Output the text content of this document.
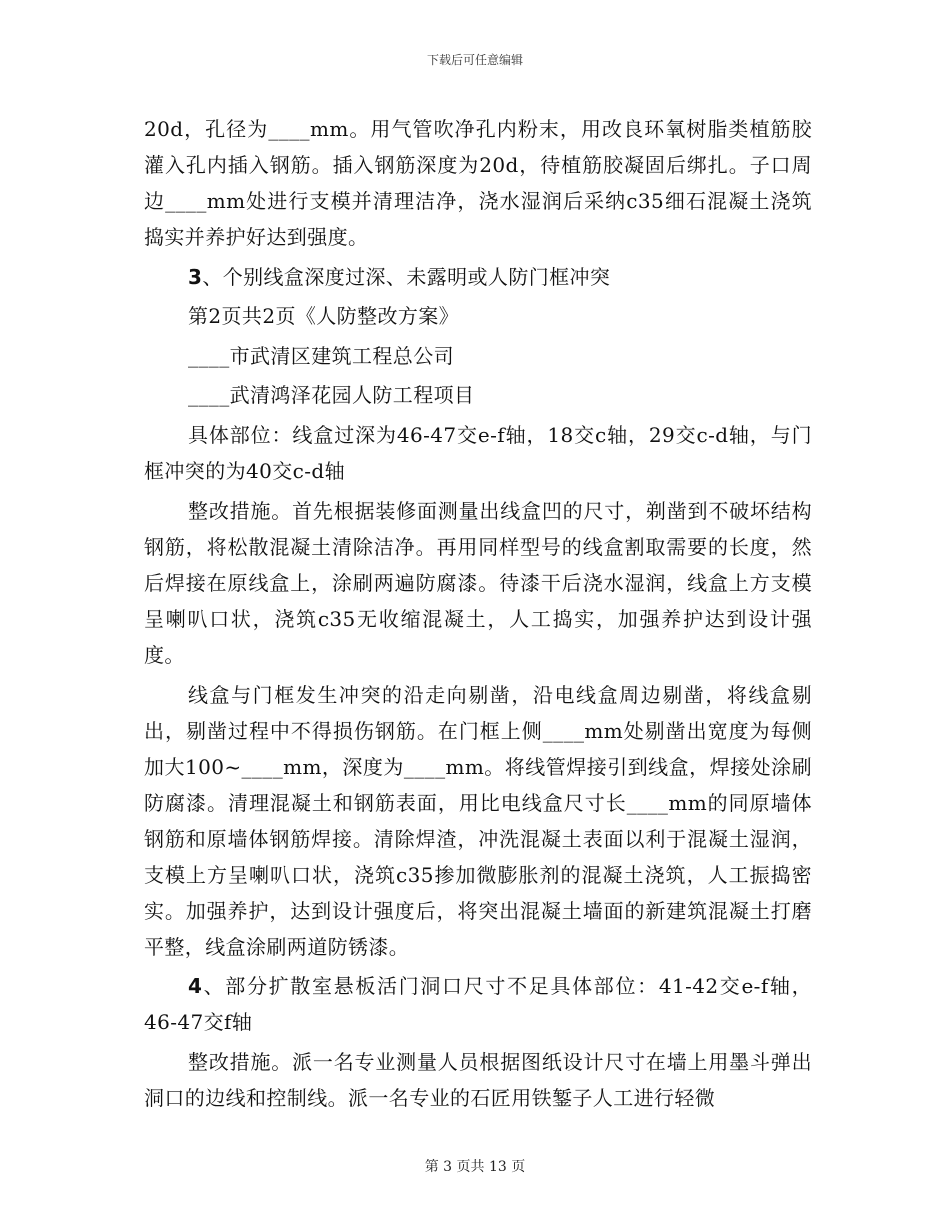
下载后可任意编辑
20d，孔径为____mm。用气管吹净孔内粉末，用改良环氧树脂类植筋胶灌入孔内插入钢筋。插入钢筋深度为20d，待植筋胶凝固后绑扎。子口周边____mm处进行支模并清理洁净，浇水湿润后采纳c35细石混凝土浇筑捣实并养护好达到强度。
3、个别线盒深度过深、未露明或人防门框冲突
第2页共2页《人防整改方案》
____市武清区建筑工程总公司
____武清鸿泽花园人防工程项目
具体部位：线盒过深为46-47交e-f轴，18交c轴，29交c-d轴，与门框冲突的为40交c-d轴
整改措施。首先根据装修面测量出线盒凹的尺寸，剃凿到不破坏结构钢筋，将松散混凝土清除洁净。再用同样型号的线盒割取需要的长度，然后焊接在原线盒上，涂刷两遍防腐漆。待漆干后浇水湿润，线盒上方支模呈喇叭口状，浇筑c35无收缩混凝土，人工捣实，加强养护达到设计强度。
线盒与门框发生冲突的沿走向剔凿，沿电线盒周边剔凿，将线盒剔出，剔凿过程中不得损伤钢筋。在门框上侧____mm处剔凿出宽度为每侧加大100~____mm，深度为____mm。将线管焊接引到线盒，焊接处涂刷防腐漆。清理混凝土和钢筋表面，用比电线盒尺寸长____mm的同原墙体钢筋和原墙体钢筋焊接。清除焊渣，冲洗混凝土表面以利于混凝土湿润，支模上方呈喇叭口状，浇筑c35掺加微膨胀剂的混凝土浇筑，人工振捣密实。加强养护，达到设计强度后，将突出混凝土墙面的新建筑混凝土打磨平整，线盒涂刷两道防锈漆。
4、部分扩散室悬板活门洞口尺寸不足具体部位：41-42交e-f轴，46-47交f轴
整改措施。派一名专业测量人员根据图纸设计尺寸在墙上用墨斗弹出洞口的边线和控制线。派一名专业的石匠用铁錾子人工进行轻微
第 3 页共 13 页
